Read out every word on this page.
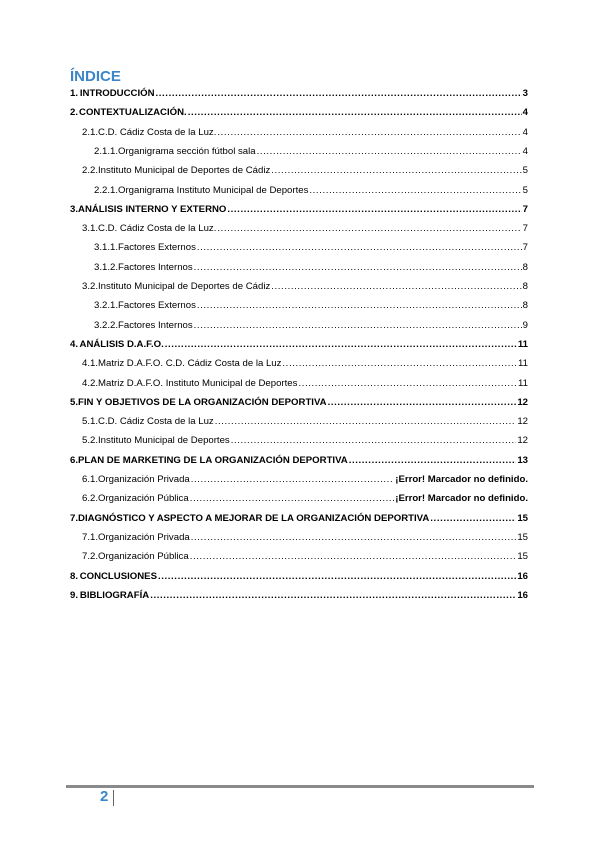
ÍNDICE
1. INTRODUCCIÓN .....	3
2. CONTEXTUALIZACIÓN. .....	4
2.1. C.D. Cádiz Costa de la Luz. .....	4
2.1.1. Organigrama sección fútbol sala .....	4
2.2. Instituto Municipal de Deportes de Cádiz .....	5
2.2.1. Organigrama Instituto Municipal de Deportes .....	5
3. ANÁLISIS INTERNO Y EXTERNO .....	7
3.1. C.D. Cádiz Costa de la Luz. .....	7
3.1.1. Factores Externos .....	7
3.1.2. Factores Internos .....	8
3.2. Instituto Municipal de Deportes de Cádiz .....	8
3.2.1. Factores Externos .....	8
3.2.2. Factores Internos .....	9
4. ANÁLISIS D.A.F.O. .....	11
4.1. Matriz D.A.F.O. C.D. Cádiz Costa de la Luz .....	11
4.2. Matriz D.A.F.O. Instituto Municipal de Deportes .....	11
5. FIN Y OBJETIVOS DE LA ORGANIZACIÓN DEPORTIVA .....	12
5.1. C.D. Cádiz Costa de la Luz .....	12
5.2. Instituto Municipal de Deportes .....	12
6. PLAN DE MARKETING DE LA ORGANIZACIÓN DEPORTIVA .....	13
6.1. Organización Privada .....	¡Error! Marcador no definido.
6.2. Organización Pública .....	¡Error! Marcador no definido.
7. DIAGNÓSTICO Y ASPECTO A MEJORAR DE LA ORGANIZACIÓN DEPORTIVA .....	15
7.1. Organización Privada .....	15
7.2. Organización Pública .....	15
8. CONCLUSIONES .....	16
9. BIBLIOGRAFÍA .....	16
2
